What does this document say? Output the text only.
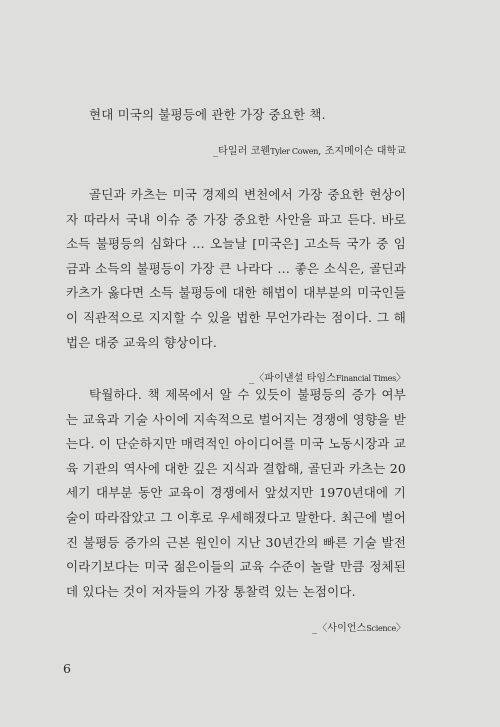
현대 미국의 불평등에 관한 가장 중요한 책.

_타일러 코웬Tyler Cowen, 조지메이슨 대학교

골딘과 카츠는 미국 경제의 변천에서 가장 중요한 현상이자 따라서 국내 이슈 중 가장 중요한 사안을 파고 든다. 바로 소득 불평등의 심화다 … 오늘날 [미국은] 고소득 국가 중 임금과 소득의 불평등이 가장 큰 나라다 … 좋은 소식은, 골딘과 카츠가 옳다면 소득 불평등에 대한 해법이 대부분의 미국인들이 직관적으로 지지할 수 있을 법한 무언가라는 점이다. 그 해법은 대중 교육의 향상이다.

_〈파이낸셜 타임스Financial Times〉

탁월하다. 책 제목에서 알 수 있듯이 불평등의 증가 여부는 교육과 기술 사이에 지속적으로 벌어지는 경쟁에 영향을 받는다. 이 단순하지만 매력적인 아이디어를 미국 노동시장과 교육 기관의 역사에 대한 깊은 지식과 결합해, 골딘과 카츠는 20세기 대부분 동안 교육이 경쟁에서 앞섰지만 1970년대에 기술이 따라잡았고 그 이후로 우세해졌다고 말한다. 최근에 벌어진 불평등 증가의 근본 원인이 지난 30년간의 빠른 기술 발전이라기보다는 미국 젊은이들의 교육 수준이 놀랄 만큼 정체된 데 있다는 것이 저자들의 가장 통찰력 있는 논점이다.

_〈사이언스Science〉

6
